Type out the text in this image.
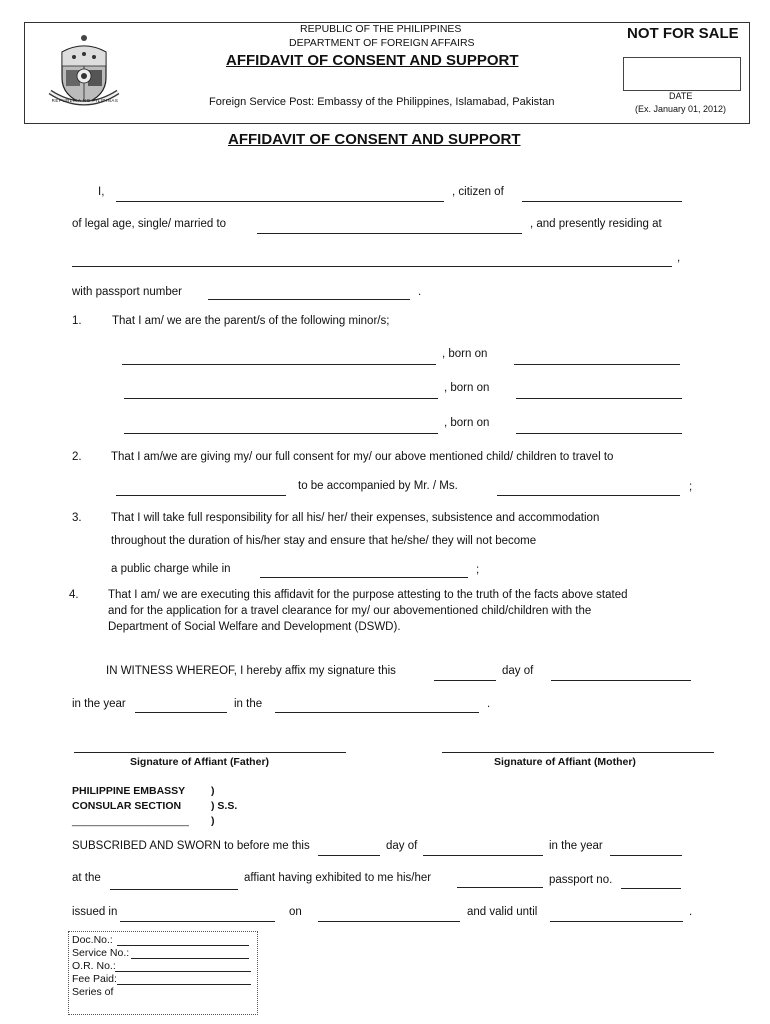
REPUBLIKA NG PILIPINAS
REPUBLIC OF THE PHILIPPINES
DEPARTMENT OF FOREIGN AFFAIRS
AFFIDAVIT OF CONSENT AND SUPPORT
Foreign Service Post: Embassy of the Philippines, Islamabad, Pakistan
NOT FOR SALE
DATE
(Ex. January 01, 2012)
AFFIDAVIT OF CONSENT AND SUPPORT
I,	, citizen of
of legal age, single/ married to	, and presently residing at
,
with passport number	.
1.	That I am/ we are the parent/s of the following minor/s;
, born on
, born on
, born on
2.	That I am/we are giving my/ our full consent for my/ our above mentioned child/ children to travel to
to be accompanied by Mr. / Ms.	;
3.	That I will take full responsibility for all his/ her/ their expenses, subsistence and accommodation
throughout the duration of his/her stay and ensure that he/she/ they will not become
a public charge while in	;
4.	That I am/ we are executing this affidavit for the purpose attesting to the truth of the facts above stated
and for the application for a travel clearance for my/ our abovementioned child/children with the
Department of Social Welfare and Development (DSWD).
IN WITNESS WHEREOF, I hereby affix my signature this	day of
in the year	in the	.
Signature of Affiant (Father)	Signature of Affiant (Mother)
PHILIPPINE EMBASSY
CONSULAR SECTION
____________________
)
) S.S.
)
SUBSCRIBED AND SWORN to before me this	day of	in the year
at the	affiant having exhibited to me his/her	passport no.
issued in	on	and valid until	.
Doc.No.:
Service No.:
O.R. No.:
Fee Paid:
Series of
